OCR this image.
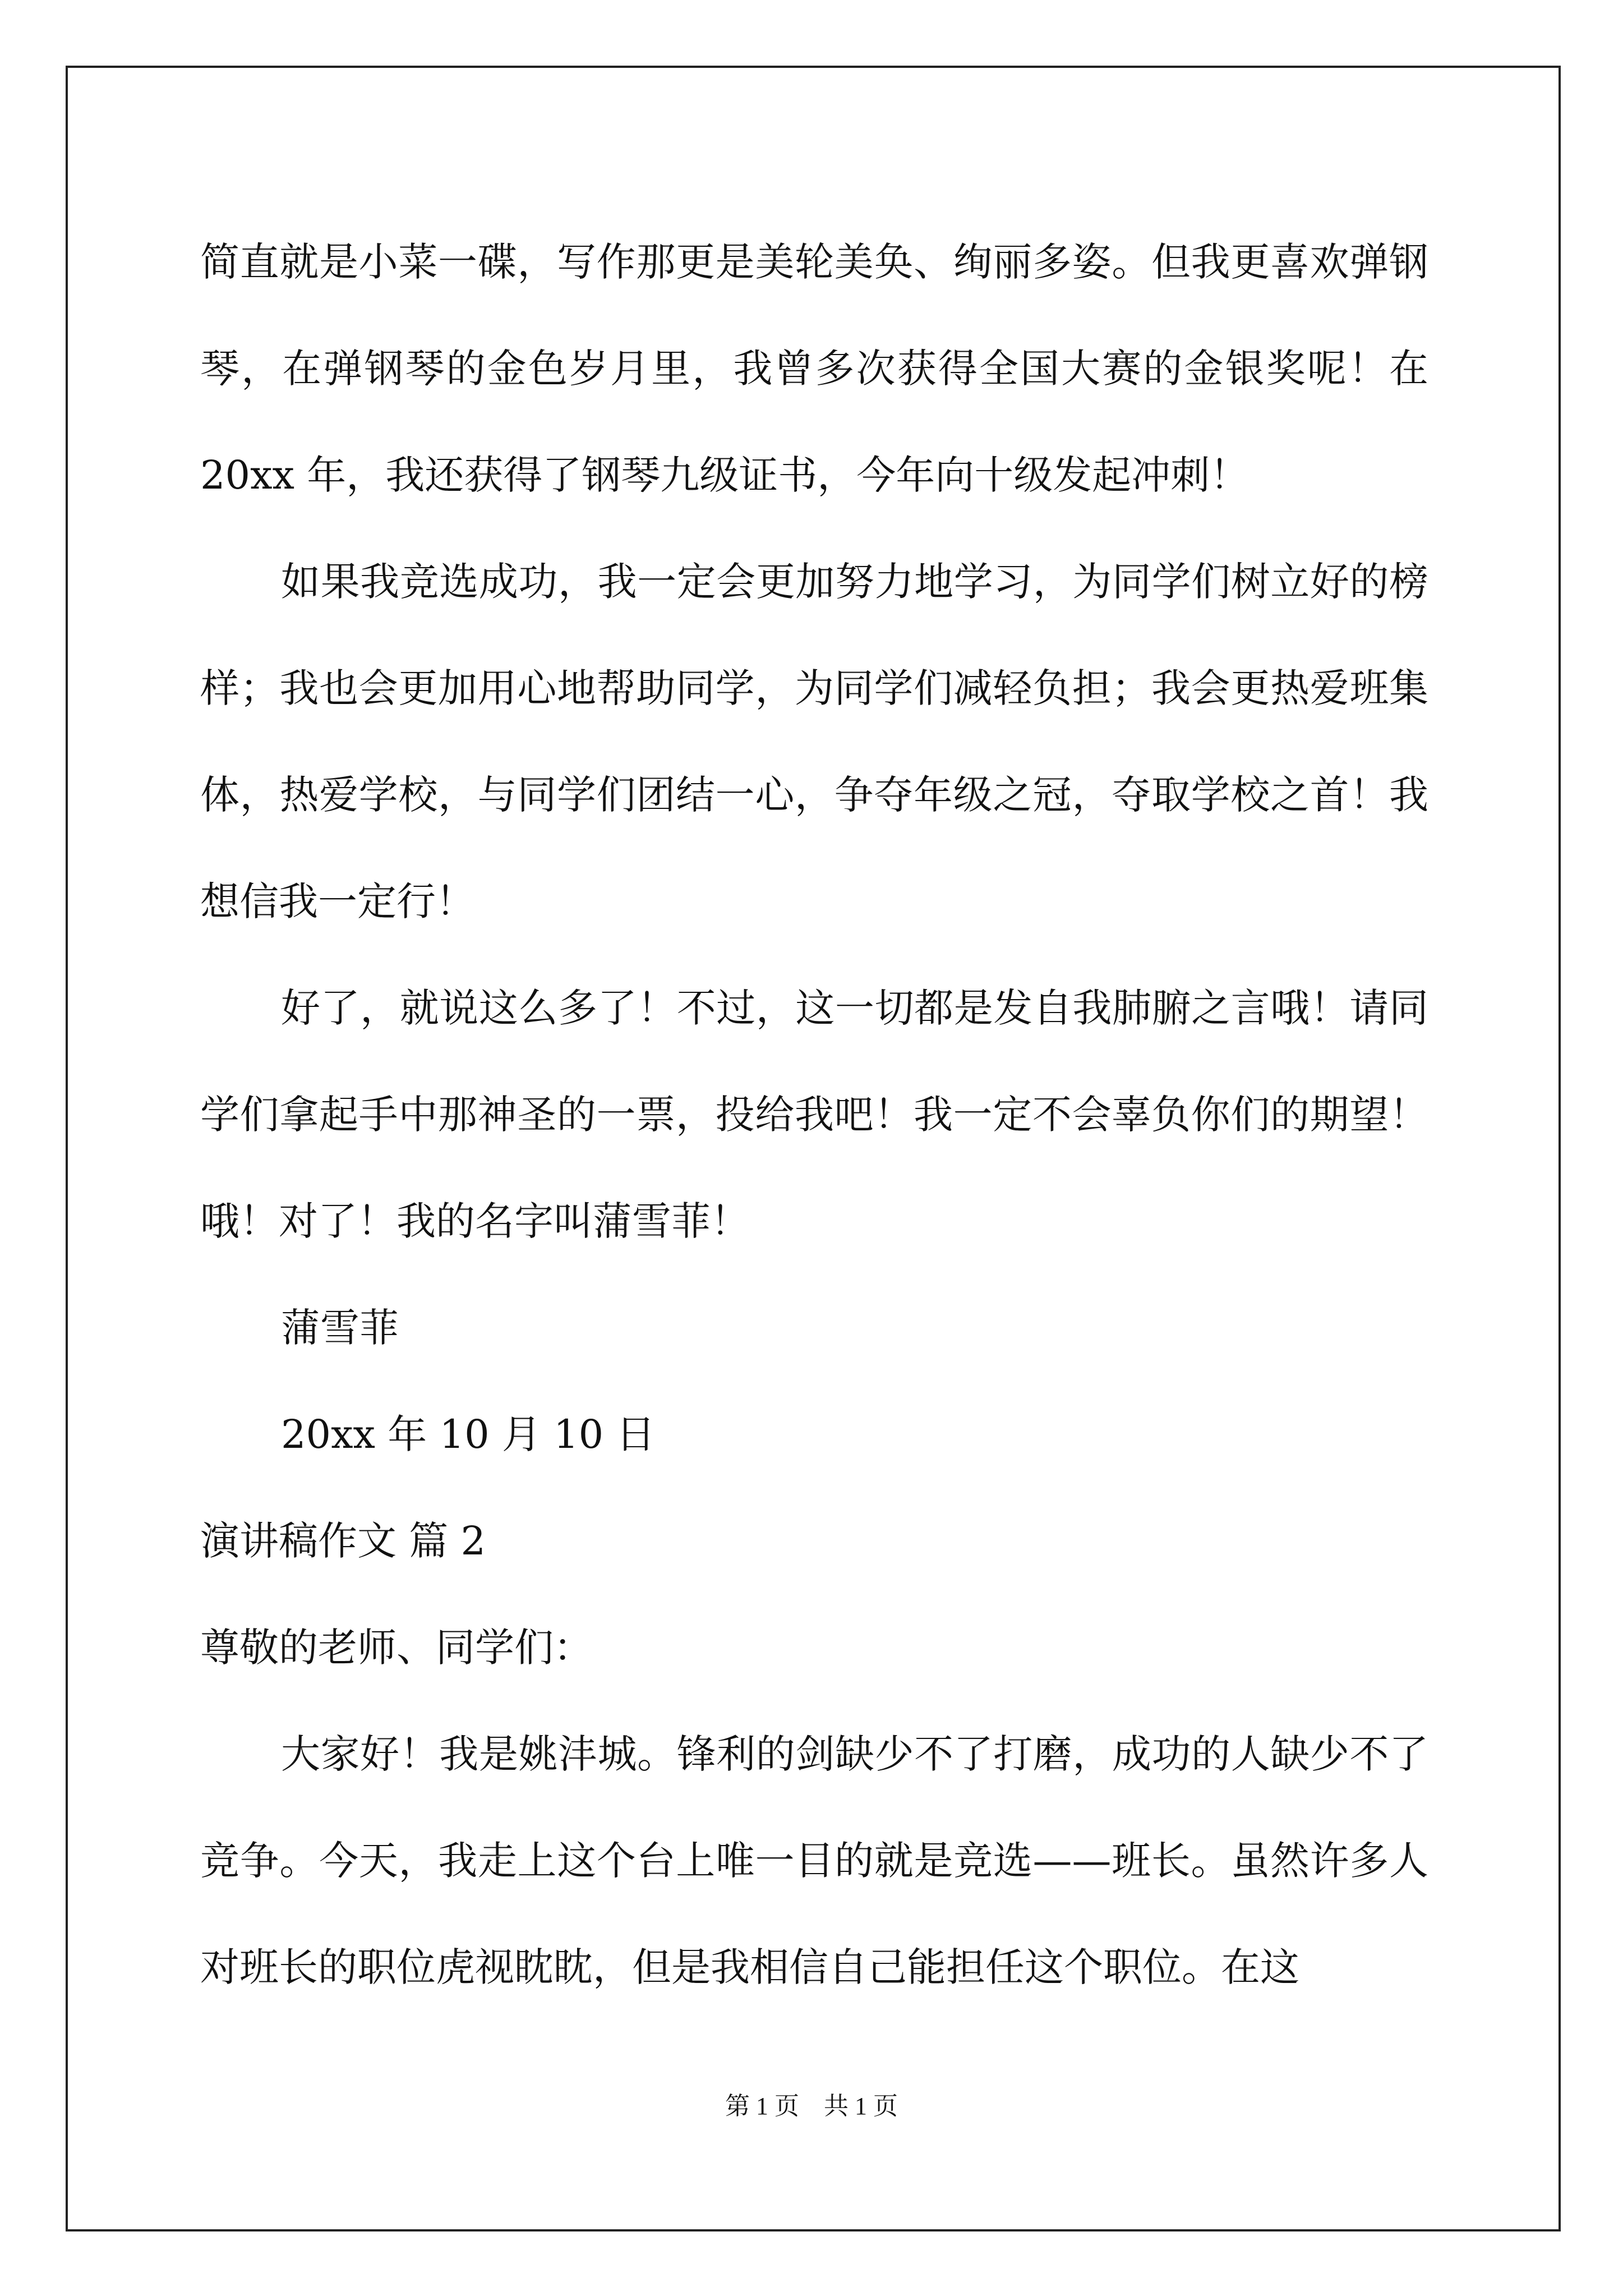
简直就是小菜一碟，写作那更是美轮美奂、绚丽多姿。但我更喜欢弹钢琴，在弹钢琴的金色岁月里，我曾多次获得全国大赛的金银奖呢！在 20xx 年，我还获得了钢琴九级证书，今年向十级发起冲刺！

如果我竞选成功，我一定会更加努力地学习，为同学们树立好的榜样；我也会更加用心地帮助同学，为同学们减轻负担；我会更热爱班集体，热爱学校，与同学们团结一心，争夺年级之冠，夺取学校之首！我想信我一定行！

好了，就说这么多了！不过，这一切都是发自我肺腑之言哦！请同学们拿起手中那神圣的一票，投给我吧！我一定不会辜负你们的期望！哦！对了！我的名字叫蒲雪菲！

蒲雪菲

20xx 年 10 月 10 日

演讲稿作文 篇 2

尊敬的老师、同学们：

大家好！我是姚沣城。锋利的剑缺少不了打磨，成功的人缺少不了竞争。今天，我走上这个台上唯一目的就是竞选——班长。虽然许多人对班长的职位虎视眈眈，但是我相信自己能担任这个职位。在这

第 1 页　共 1 页
